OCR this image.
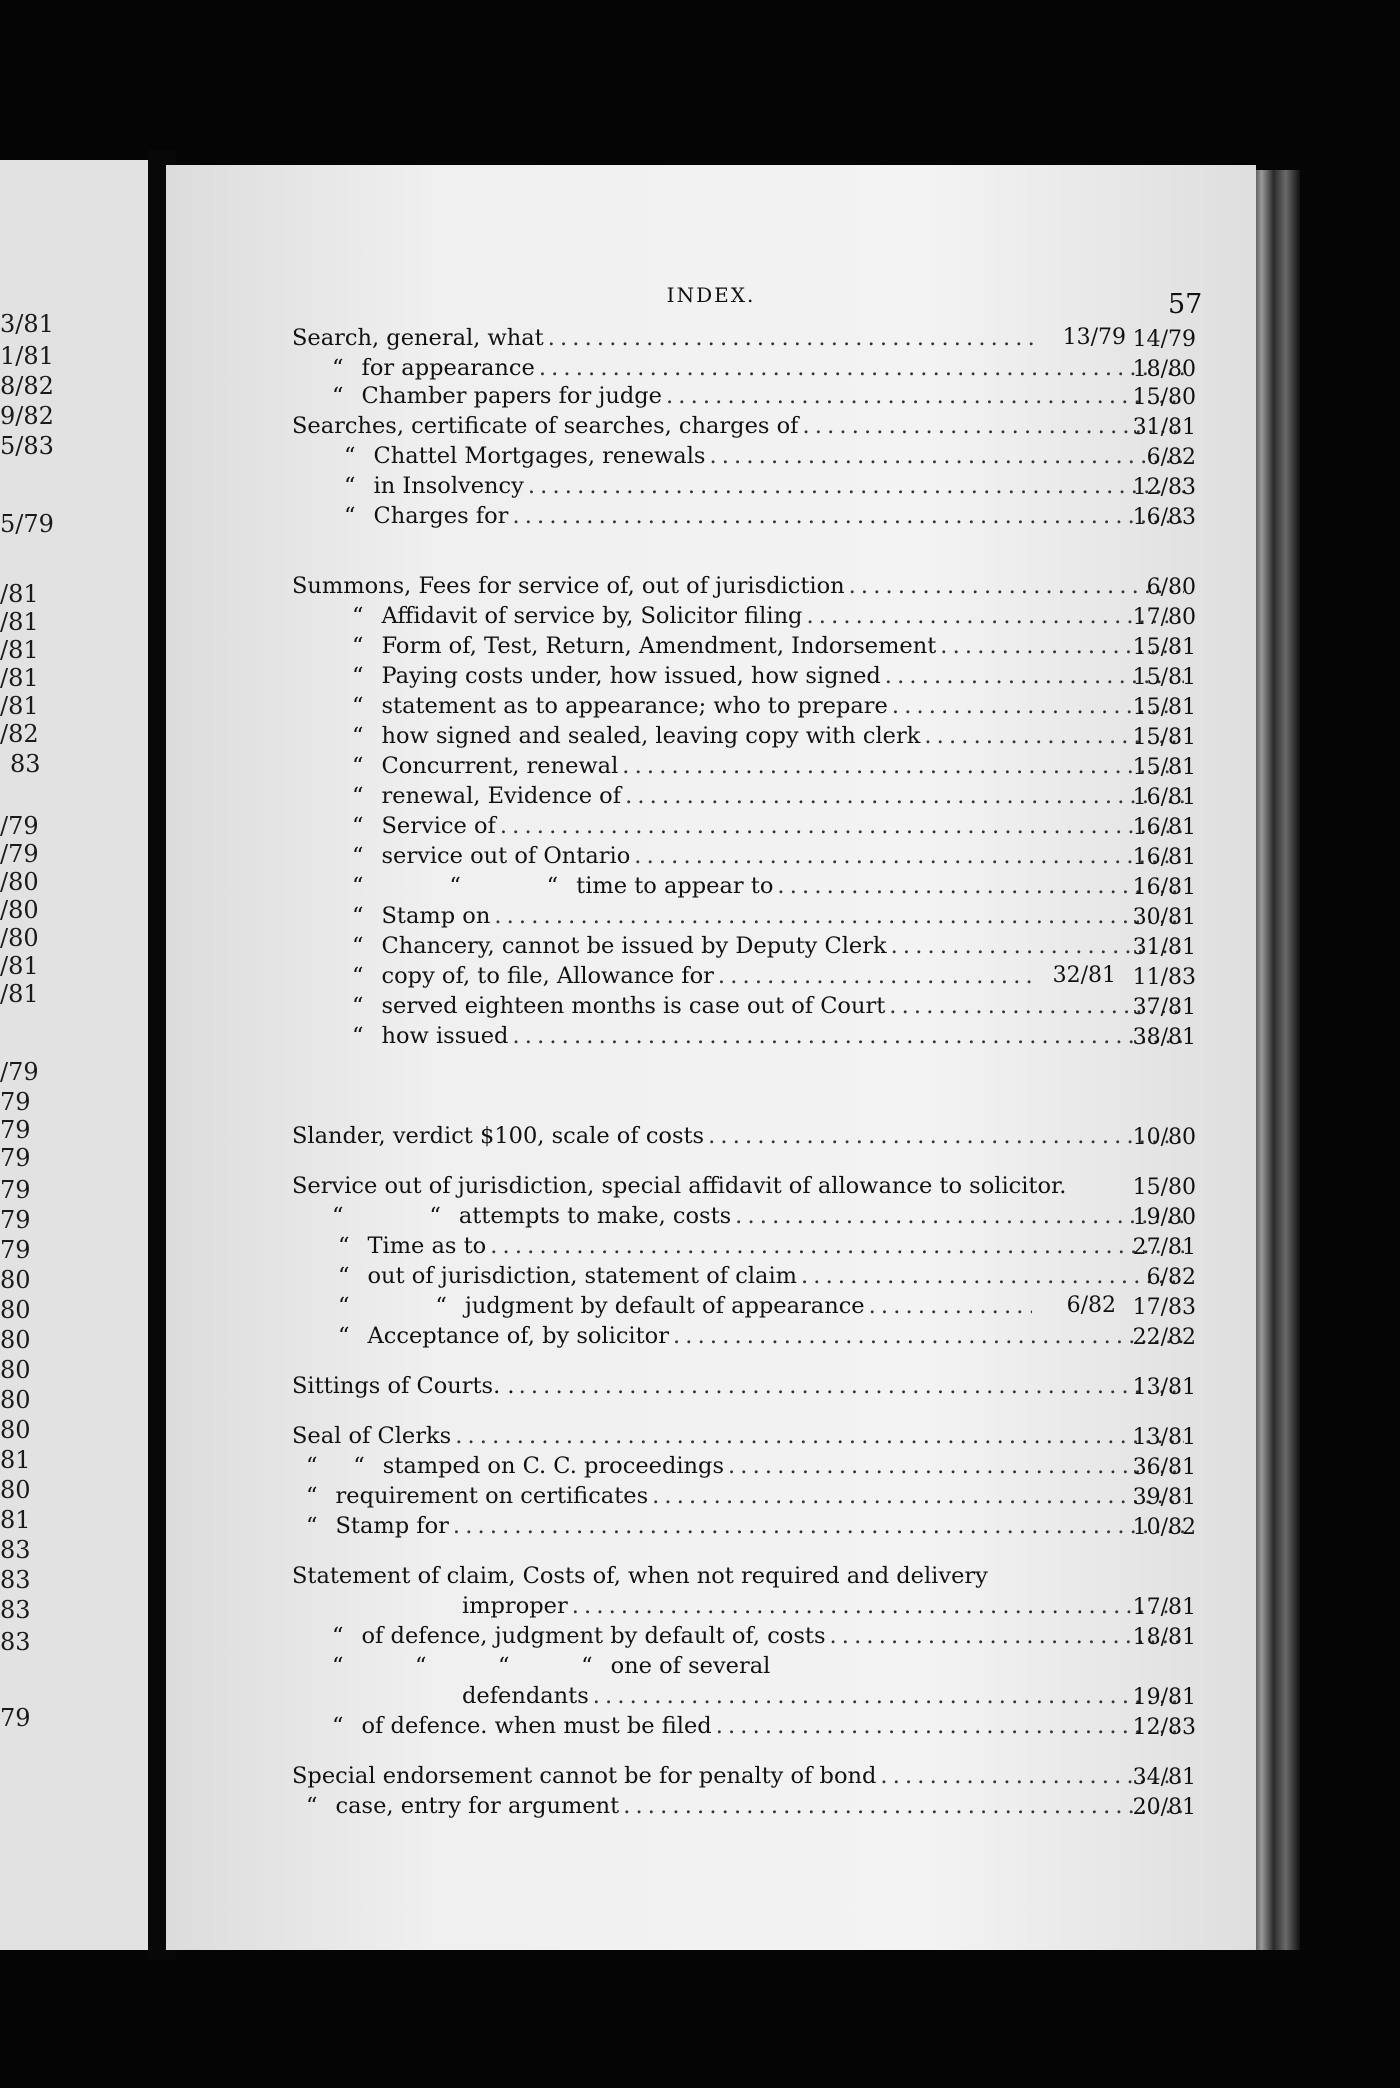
3/81
1/81
8/82
9/82
5/83
5/79
/81
/81
/81
/81
/81
/82
83
/79
/79
/80
/80
/80
/81
/81
/79
79
79
79
79
79
79
80
80
80
80
80
80
81
80
81
83
83
83
83
79
INDEX.	57
Search, general, what . . .	13/79 14/79
“ for appearance . . .	18/80
“ Chamber papers for judge . . .	15/80
Searches, certificate of searches, charges of . . .	31/81
“ Chattel Mortgages, renewals . . .	6/82
“ in Insolvency . . .	12/83
“ Charges for . . .	16/83
Summons, Fees for service of, out of jurisdiction . . .	6/80
“ Affidavit of service by, Solicitor filing . . .	17/80
“ Form of, Test, Return, Amendment, Indorsement . . .	15/81
“ Paying costs under, how issued, how signed . . .	15/81
“ statement as to appearance; who to prepare . . .	15/81
“ how signed and sealed, leaving copy with clerk . . .	15/81
“ Concurrent, renewal . . .	15/81
“ renewal, Evidence of . . .	16/81
“ Service of . . .	16/81
“ service out of Ontario . . .	16/81
“            “            “ time to appear to . . .	16/81
“ Stamp on . . .	30/81
“ Chancery, cannot be issued by Deputy Clerk . . .	31/81
“ copy of, to file, Allowance for . . .	32/81 11/83
“ served eighteen months is case out of Court . . .	37/81
“ how issued . . .	38/81
Slander, verdict $100, scale of costs . . .	10/80
Service out of jurisdiction, special affidavit of allowance to solicitor.	15/80
“            “ attempts to make, costs . . .	19/80
“ Time as to . . .	27/81
“ out of jurisdiction, statement of claim . . .	6/82
“            “ judgment by default of appearance . . .	6/82 17/83
“ Acceptance of, by solicitor . . .	22/82
Sittings of Courts. . . . .	13/81
Seal of Clerks . . .	13/81
“     “ stamped on C. C. proceedings . . .	36/81
“ requirement on certificates . . .	39/81
“ Stamp for . . .	10/82
Statement of claim, Costs of, when not required and delivery
improper . . .	17/81
“ of defence, judgment by default of, costs . . .	18/81
“          “          “          “ one of several
defendants . . .	19/81
“ of defence. when must be filed . . .	12/83
Special endorsement cannot be for penalty of bond . . .	34/81
“ case, entry for argument . . .	20/81
